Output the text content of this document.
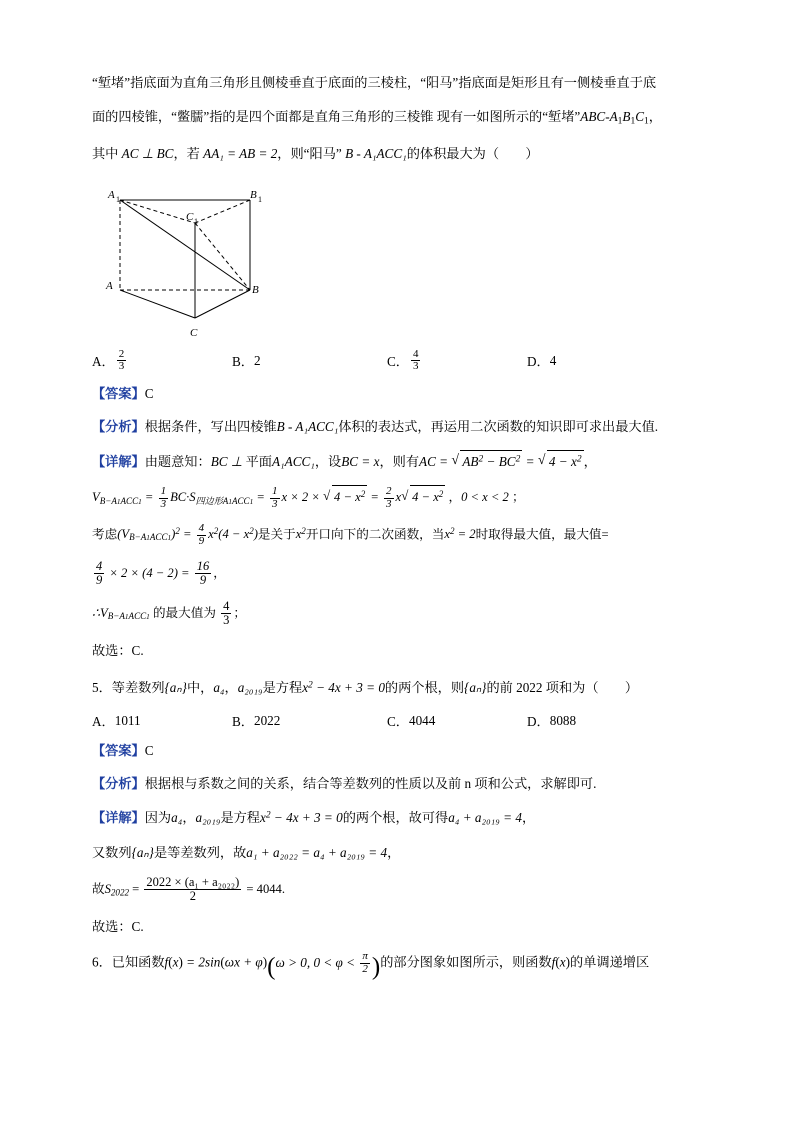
“堑堵”指底面为直角三角形且侧棱垂直于底面的三棱柱，“阳马”指底面是矩形且有一侧棱垂直于底

面的四棱锥，“鳖臑”指的是四个面都是直角三角形的三棱锥 现有一如图所示的“堑堵$”ABC-A_1B_1C_1$，

其中 AC ⊥ BC，若 AA₁ = AB = 2，则“阳马” B - A₁ACC₁的体积最大为（　　）

A 1
C 1
B 1
A	B
C
A． $\frac{2}{3}$	B． 2	C． $\frac{4}{3}$	D． 4

【答案】C

【分析】根据条件，写出四棱锥B - A₁ACC₁体积的表达式，再运用二次函数的知识即可求出最大值.

【详解】由题意知：BC ⊥ 平面A₁ACC₁，设BC = x，则有AC = √ $AB^2 - BC^2$ = √ $4 - x^2$ ，

$V_{B-A1ACC1} = \frac{1}{3} BC\cdot S_{四边形A1ACC1} = \frac{1}{3}$ x × 2 × √ $4 - x^2 = \frac{2}{3}$ x √ $4 - x^2$ ，0 < x < 2 ；

考虑$(V_{B-A1ACC1})^2 = \frac{4}{9} x^2(4 - x^2)$是关于$x^2$开口向下的二次函数，当$x^2 = 2$时取得最大值，最大值=

$\frac{4}{9} \times 2 \times (4 - 2) = \frac{16}{9}$ ，

$\therefore V_{B-A1ACC1}$ 的最大值为 $\frac{4}{3}$ ；

故选：C.

5．等差数列{aₙ}中，a₄，a₂₀₁₉是方程$x^2 - 4x + 3 = 0$的两个根，则{aₙ}的前 2022 项和为（　　）

A． 1011	B． 2022	C． 4044	D． 8088

【答案】C

【分析】根据根与系数之间的关系，结合等差数列的性质以及前 n 项和公式，求解即可.

【详解】因为a₄，a₂₀₁₉是方程$x^2 - 4x + 3 = 0$的两个根，故可得a₄ + a₂₀₁₉ = 4，

又数列{aₙ}是等差数列，故a₁ + a₂₀₂₂ = a₄ + a₂₀₁₉ = 4，

故$S_{2022} = \frac{\text{2022 × (a₁ + a₂₀₂₂)}}{2} = 4044$.

故选：C.

6．已知函数f(x) = 2sin(ωx + φ)(ω > 0, $0 < \varphi < \frac{\pi}{2}$ )的部分图象如图所示，则函数f(x)的单调递增区
